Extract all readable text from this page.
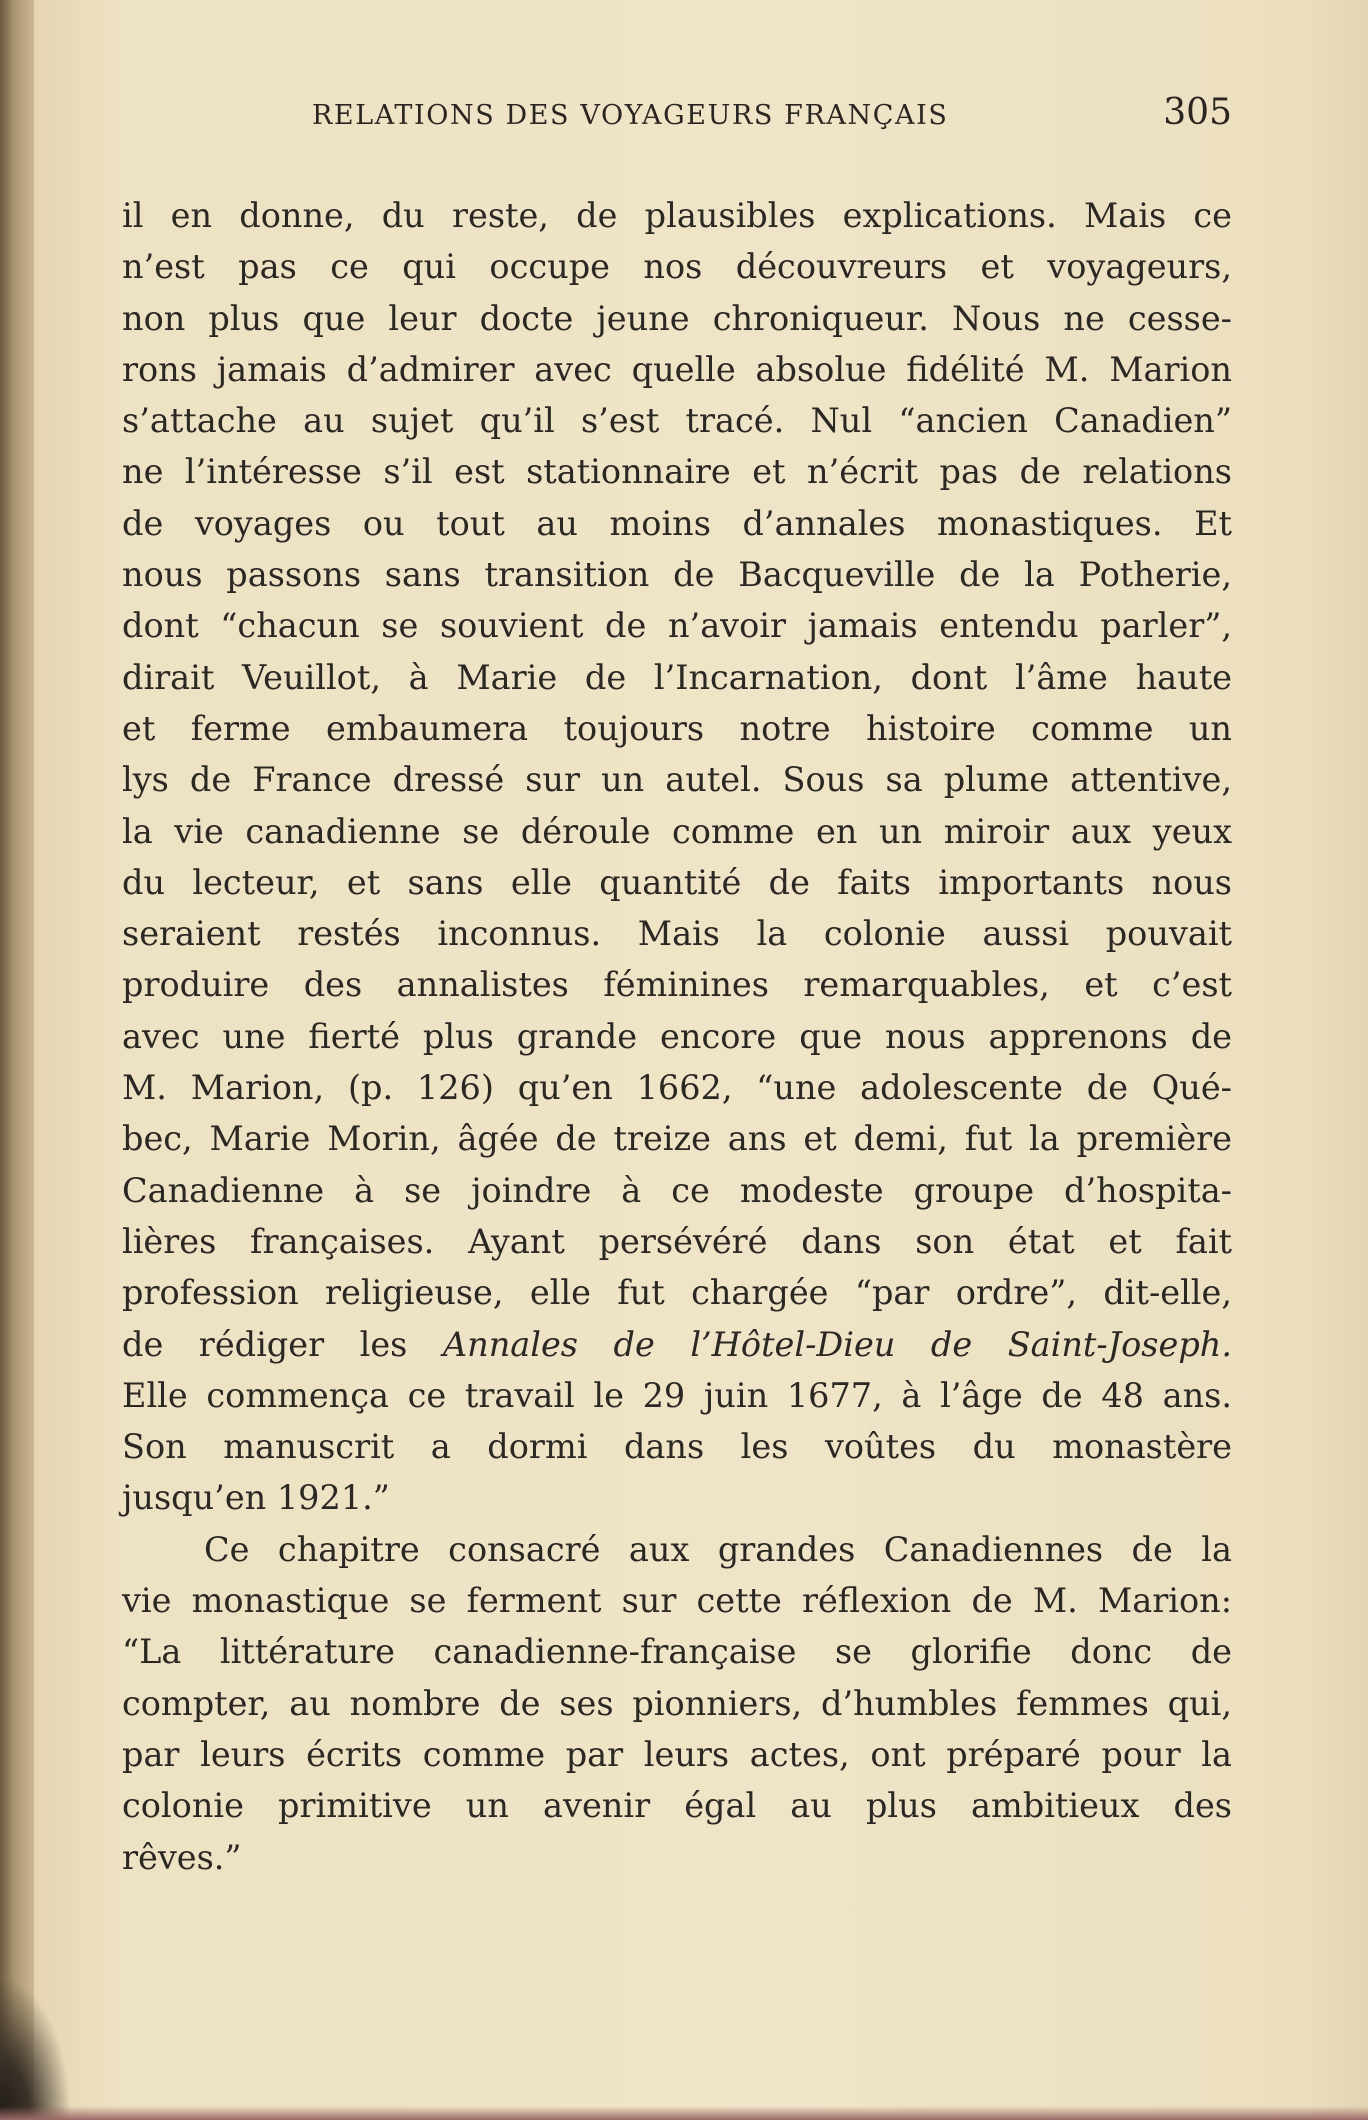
RELATIONS DES VOYAGEURS FRANÇAIS	305
il en donne, du reste, de plausibles explications. Mais ce
n’est pas ce qui occupe nos découvreurs et voyageurs,
non plus que leur docte jeune chroniqueur. Nous ne cesse-
rons jamais d’admirer avec quelle absolue fidélité M. Marion
s’attache au sujet qu’il s’est tracé. Nul “ancien Canadien”
ne l’intéresse s’il est stationnaire et n’écrit pas de relations
de voyages ou tout au moins d’annales monastiques. Et
nous passons sans transition de Bacqueville de la Potherie,
dont “chacun se souvient de n’avoir jamais entendu parler”,
dirait Veuillot, à Marie de l’Incarnation, dont l’âme haute
et ferme embaumera toujours notre histoire comme un
lys de France dressé sur un autel. Sous sa plume attentive,
la vie canadienne se déroule comme en un miroir aux yeux
du lecteur, et sans elle quantité de faits importants nous
seraient restés inconnus. Mais la colonie aussi pouvait
produire des annalistes féminines remarquables, et c’est
avec une fierté plus grande encore que nous apprenons de
M. Marion, (p. 126) qu’en 1662, “une adolescente de Qué-
bec, Marie Morin, âgée de treize ans et demi, fut la première
Canadienne à se joindre à ce modeste groupe d’hospita-
lières françaises. Ayant persévéré dans son état et fait
profession religieuse, elle fut chargée “par ordre”, dit-elle,
de rédiger les Annales de l’Hôtel-Dieu de Saint-Joseph.
Elle commença ce travail le 29 juin 1677, à l’âge de 48 ans.
Son manuscrit a dormi dans les voûtes du monastère
jusqu’en 1921.”
Ce chapitre consacré aux grandes Canadiennes de la
vie monastique se ferment sur cette réflexion de M. Marion:
“La littérature canadienne-française se glorifie donc de
compter, au nombre de ses pionniers, d’humbles femmes qui,
par leurs écrits comme par leurs actes, ont préparé pour la
colonie primitive un avenir égal au plus ambitieux des
rêves.”
